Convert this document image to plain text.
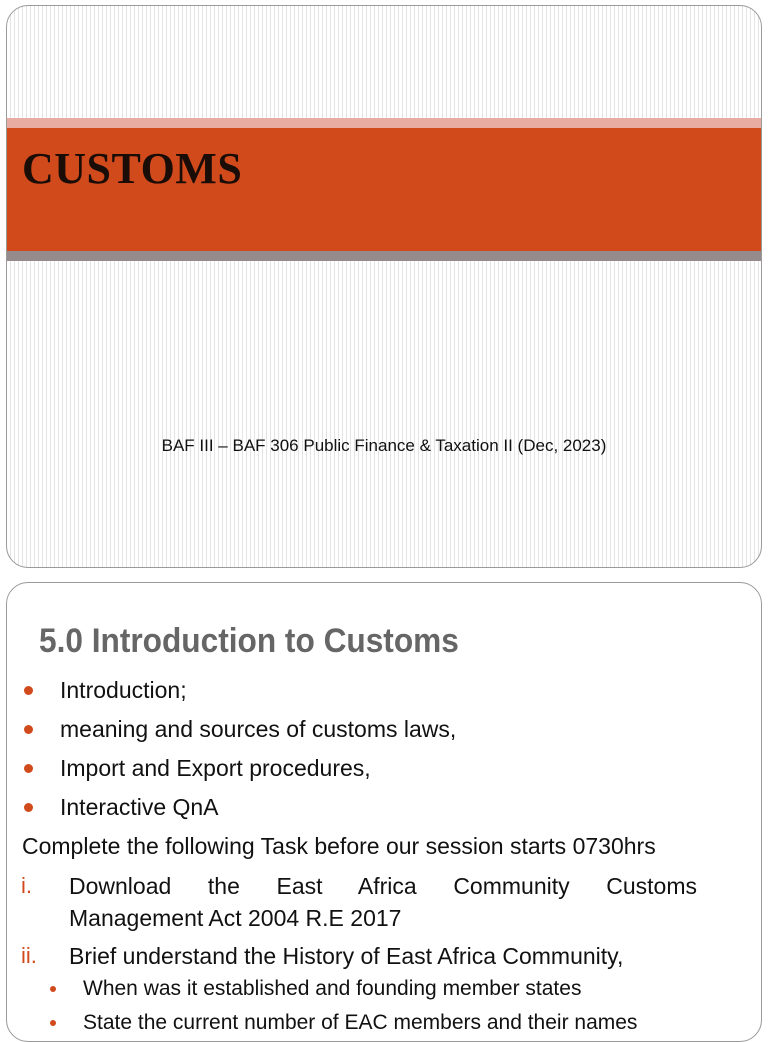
CUSTOMS
BAF III – BAF 306 Public Finance & Taxation II (Dec, 2023)
5.0 Introduction to Customs
Introduction;
meaning and sources of customs laws,
Import and Export procedures,
Interactive QnA
Complete the following Task before our session starts 0730hrs
i. Download the East Africa Community Customs
Management Act 2004 R.E 2017
ii. Brief understand the History of East Africa Community,
When was it established and founding member states
State the current number of EAC members and their names
